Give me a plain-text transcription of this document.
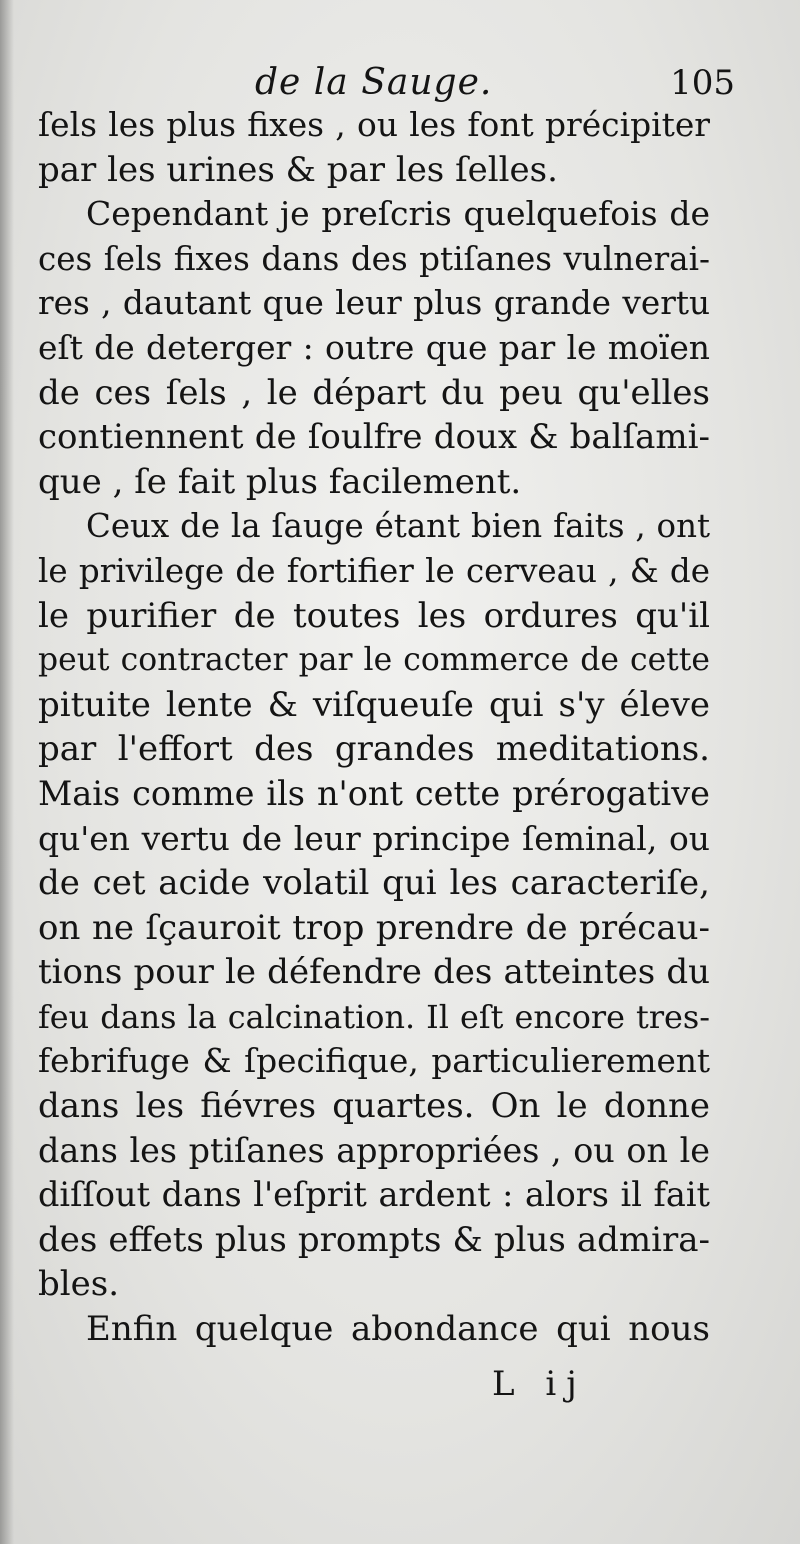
de la Sauge.	105
ſels les plus fixes , ou les font précipiter
par les urines & par les ſelles.
Cependant je preſcris quelquefois de
ces ſels fixes dans des ptiſanes vulnerai-
res , dautant que leur plus grande vertu
eſt de deterger : outre que par le moïen
de ces ſels , le départ du peu qu'elles
contiennent de ſoulfre doux & balſami-
que , ſe fait plus facilement.
Ceux de la ſauge étant bien faits , ont
le privilege de fortifier le cerveau , & de
le purifier de toutes les ordures qu'il
peut contracter par le commerce de cette
pituite lente & viſqueuſe qui s'y éleve
par l'effort des grandes meditations.
Mais comme ils n'ont cette prérogative
qu'en vertu de leur principe ſeminal, ou
de cet acide volatil qui les caracteriſe,
on ne ſçauroit trop prendre de précau-
tions pour le défendre des atteintes du
feu dans la calcination. Il eſt encore tres-
febrifuge & ſpecifique, particulierement
dans les fiévres quartes. On le donne
dans les ptiſanes appropriées , ou on le
diſſout dans l'eſprit ardent : alors il fait
des effets plus prompts & plus admira-
bles.
Enfin quelque abondance qui nous
L ij
